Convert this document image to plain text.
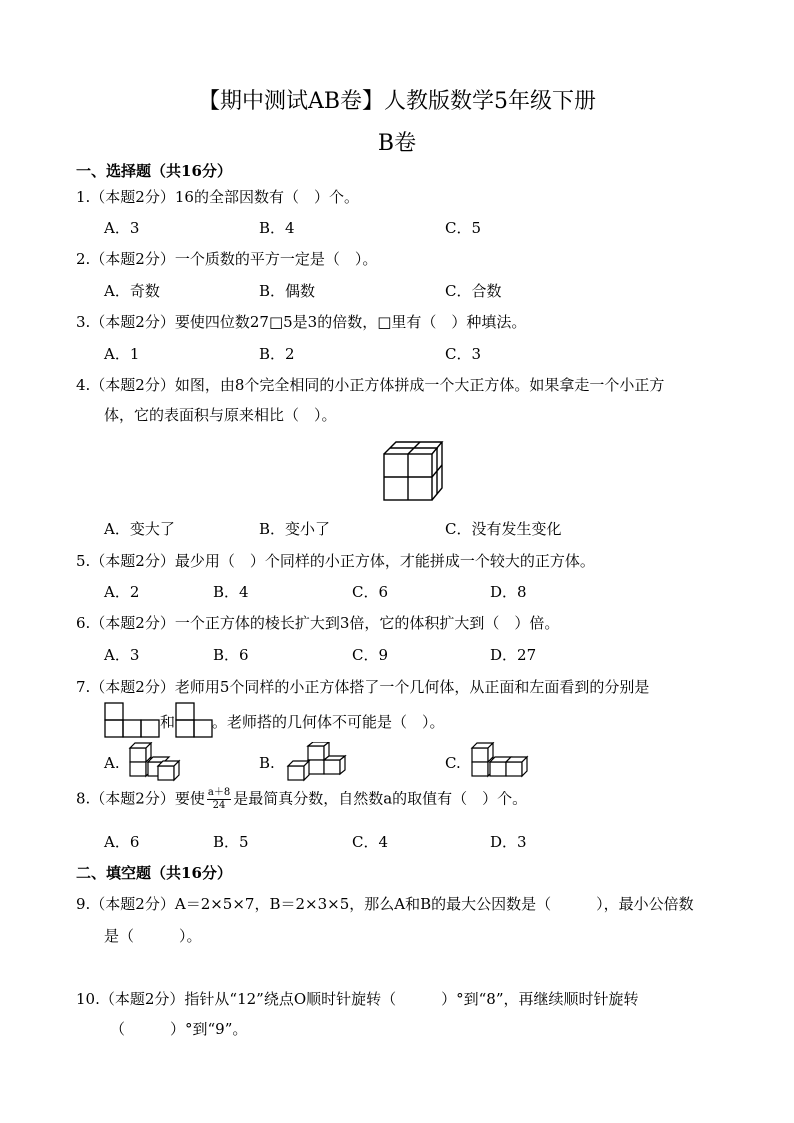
【期中测试AB卷】人教版数学5年级下册
B卷
一、选择题（共16分）
1.（本题2分）16的全部因数有（　）个。
A．3	B．4	C．5
2.（本题2分）一个质数的平方一定是（　）。
A．奇数	B．偶数	C．合数
3.（本题2分）要使四位数27□5是3的倍数，□里有（　）种填法。
A．1	B．2	C．3
4.（本题2分）如图，由8个完全相同的小正方体拼成一个大正方体。如果拿走一个小正方
体，它的表面积与原来相比（　）。
A．变大了	B．变小了	C．没有发生变化
5.（本题2分）最少用（　）个同样的小正方体，才能拼成一个较大的正方体。
A．2	B．4	C．6	D．8
6.（本题2分）一个正方体的棱长扩大到3倍，它的体积扩大到（　）倍。
A．3	B．6	C．9	D．27
7.（本题2分）老师用5个同样的小正方体搭了一个几何体，从正面和左面看到的分别是
和 。老师搭的几何体不可能是（　）。
A.	B.	C.
8.（本题2分）要使 $\frac{a+8}{24}$ 是最简真分数，自然数a的取值有（　）个。
A．6	B．5	C．4	D．3
二、填空题（共16分）
9.（本题2分）A＝2×5×7，B＝2×3×5，那么A和B的最大公因数是（　　　），最小公倍数
是（　　　）。
10.（本题2分）指针从“12”绕点O顺时针旋转（　　　）°到“8”，再继续顺时针旋转
（　　　）°到“9”。
